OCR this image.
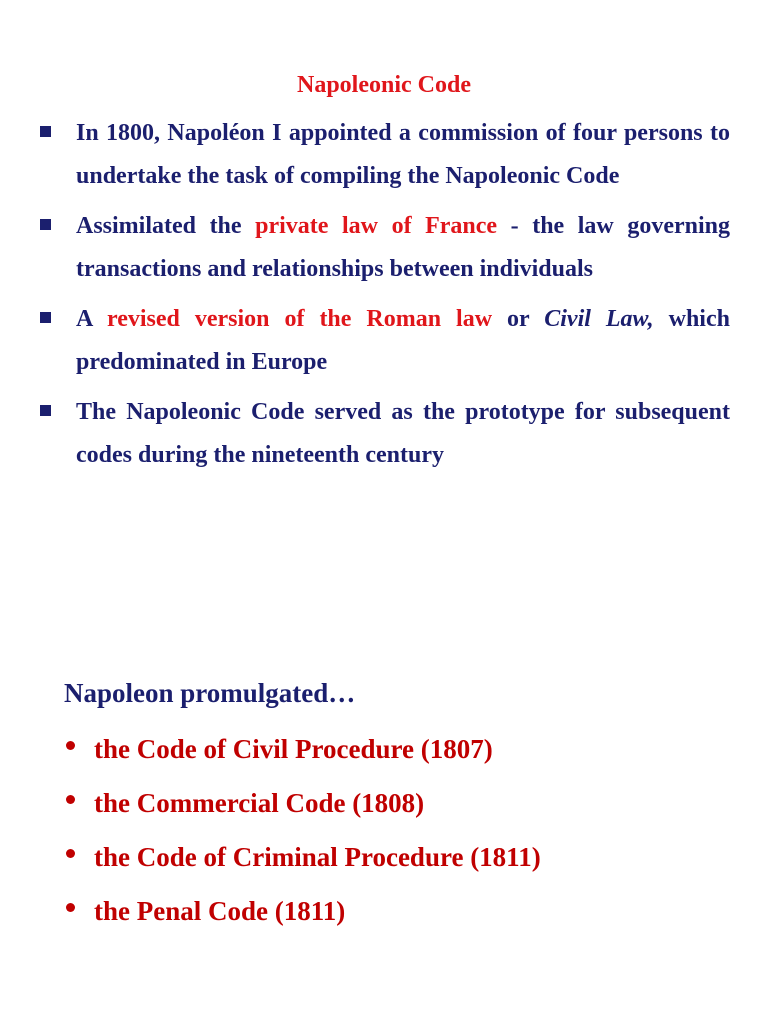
Napoleonic Code
In 1800, Napoléon I appointed a commission of four persons to undertake the task of compiling the Napoleonic Code
Assimilated the private law of France - the law governing transactions and relationships between individuals
A revised version of the Roman law or Civil Law, which predominated in Europe
The Napoleonic Code served as the prototype for subsequent codes during the nineteenth century
Napoleon promulgated…
the Code of Civil Procedure (1807)
the Commercial Code (1808)
the Code of Criminal Procedure (1811)
the Penal Code (1811)
